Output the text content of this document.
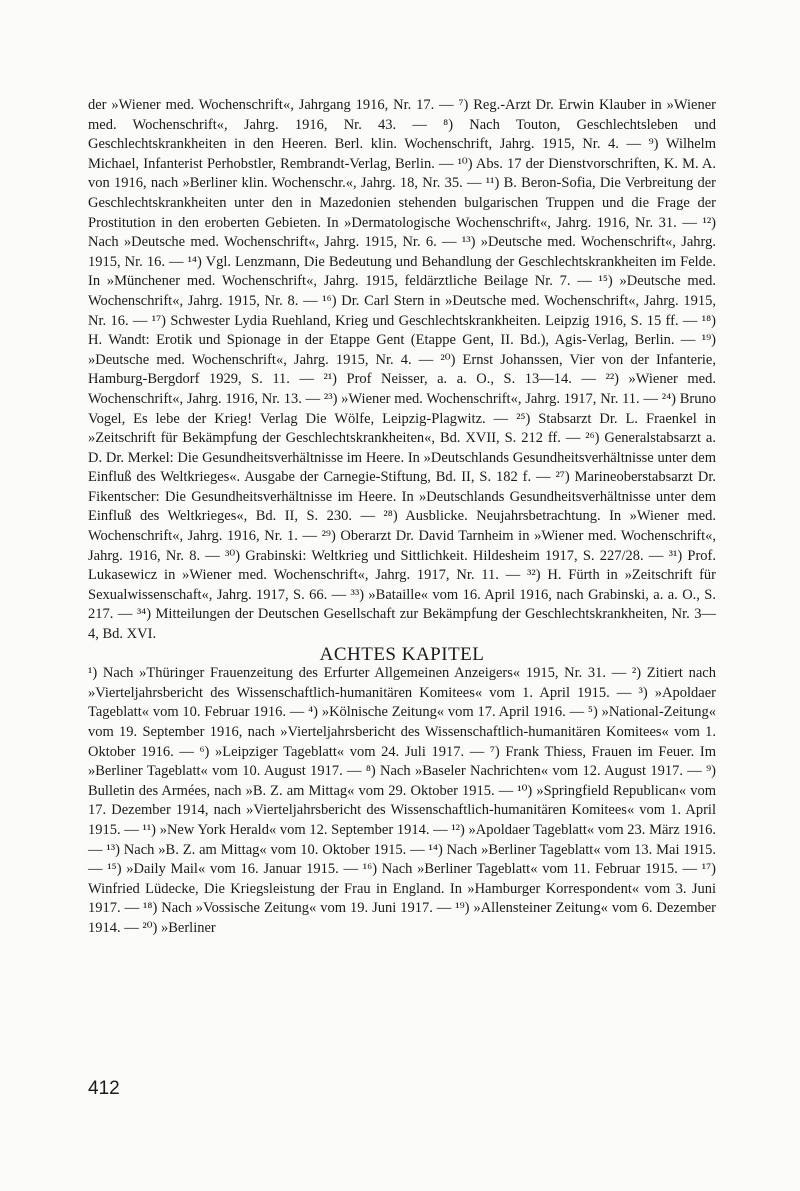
der »Wiener med. Wochenschrift«, Jahrgang 1916, Nr. 17. — ⁷) Reg.-Arzt Dr. Erwin Klauber in »Wiener med. Wochenschrift«, Jahrg. 1916, Nr. 43. — ⁸) Nach Touton, Geschlechtsleben und Geschlechtskrankheiten in den Heeren. Berl. klin. Wochenschrift, Jahrg. 1915, Nr. 4. — ⁹) Wilhelm Michael, Infanterist Perhobstler, Rembrandt-Verlag, Berlin. — ¹⁰) Abs. 17 der Dienstvorschriften, K. M. A. von 1916, nach »Berliner klin. Wochenschr.«, Jahrg. 18, Nr. 35. — ¹¹) B. Beron-Sofia, Die Verbreitung der Geschlechtskrankheiten unter den in Mazedonien stehenden bulgarischen Truppen und die Frage der Prostitution in den eroberten Gebieten. In »Dermatologische Wochenschrift«, Jahrg. 1916, Nr. 31. — ¹²) Nach »Deutsche med. Wochenschrift«, Jahrg. 1915, Nr. 6. — ¹³) »Deutsche med. Wochenschrift«, Jahrg. 1915, Nr. 16. — ¹⁴) Vgl. Lenzmann, Die Bedeutung und Behandlung der Geschlechtskrankheiten im Felde. In »Münchener med. Wochenschrift«, Jahrg. 1915, feldärztliche Beilage Nr. 7. — ¹⁵) »Deutsche med. Wochenschrift«, Jahrg. 1915, Nr. 8. — ¹⁶) Dr. Carl Stern in »Deutsche med. Wochenschrift«, Jahrg. 1915, Nr. 16. — ¹⁷) Schwester Lydia Ruehland, Krieg und Geschlechtskrankheiten. Leipzig 1916, S. 15 ff. — ¹⁸) H. Wandt: Erotik und Spionage in der Etappe Gent (Etappe Gent, II. Bd.), Agis-Verlag, Berlin. — ¹⁹) »Deutsche med. Wochenschrift«, Jahrg. 1915, Nr. 4. — ²⁰) Ernst Johanssen, Vier von der Infanterie, Hamburg-Bergdorf 1929, S. 11. — ²¹) Prof Neisser, a. a. O., S. 13—14. — ²²) »Wiener med. Wochenschrift«, Jahrg. 1916, Nr. 13. — ²³) »Wiener med. Wochenschrift«, Jahrg. 1917, Nr. 11. — ²⁴) Bruno Vogel, Es lebe der Krieg! Verlag Die Wölfe, Leipzig-Plagwitz. — ²⁵) Stabsarzt Dr. L. Fraenkel in »Zeitschrift für Bekämpfung der Geschlechtskrankheiten«, Bd. XVII, S. 212 ff. — ²⁶) Generalstabsarzt a. D. Dr. Merkel: Die Gesundheitsverhältnisse im Heere. In »Deutschlands Gesundheitsverhältnisse unter dem Einfluß des Weltkrieges«. Ausgabe der Carnegie-Stiftung, Bd. II, S. 182 f. — ²⁷) Marineoberstabsarzt Dr. Fikentscher: Die Gesundheitsverhältnisse im Heere. In »Deutschlands Gesundheitsverhältnisse unter dem Einfluß des Weltkrieges«, Bd. II, S. 230. — ²⁸) Ausblicke. Neujahrsbetrachtung. In »Wiener med. Wochenschrift«, Jahrg. 1916, Nr. 1. — ²⁹) Oberarzt Dr. David Tarnheim in »Wiener med. Wochenschrift«, Jahrg. 1916, Nr. 8. — ³⁰) Grabinski: Weltkrieg und Sittlichkeit. Hildesheim 1917, S. 227/28. — ³¹) Prof. Lukasewicz in »Wiener med. Wochenschrift«, Jahrg. 1917, Nr. 11. — ³²) H. Fürth in »Zeitschrift für Sexualwissenschaft«, Jahrg. 1917, S. 66. — ³³) »Bataille« vom 16. April 1916, nach Grabinski, a. a. O., S. 217. — ³⁴) Mitteilungen der Deutschen Gesellschaft zur Bekämpfung der Geschlechtskrankheiten, Nr. 3—4, Bd. XVI.

ACHTES KAPITEL

¹) Nach »Thüringer Frauenzeitung des Erfurter Allgemeinen Anzeigers« 1915, Nr. 31. — ²) Zitiert nach »Vierteljahrsbericht des Wissenschaftlich-humanitären Komitees« vom 1. April 1915. — ³) »Apoldaer Tageblatt« vom 10. Februar 1916. — ⁴) »Kölnische Zeitung« vom 17. April 1916. — ⁵) »National-Zeitung« vom 19. September 1916, nach »Vierteljahrsbericht des Wissenschaftlich-humanitären Komitees« vom 1. Oktober 1916. — ⁶) »Leipziger Tageblatt« vom 24. Juli 1917. — ⁷) Frank Thiess, Frauen im Feuer. Im »Berliner Tageblatt« vom 10. August 1917. — ⁸) Nach »Baseler Nachrichten« vom 12. August 1917. — ⁹) Bulletin des Armées, nach »B. Z. am Mittag« vom 29. Oktober 1915. — ¹⁰) »Springfield Republican« vom 17. Dezember 1914, nach »Vierteljahrsbericht des Wissenschaftlich-humanitären Komitees« vom 1. April 1915. — ¹¹) »New York Herald« vom 12. September 1914. — ¹²) »Apoldaer Tageblatt« vom 23. März 1916. — ¹³) Nach »B. Z. am Mittag« vom 10. Oktober 1915. — ¹⁴) Nach »Berliner Tageblatt« vom 13. Mai 1915. — ¹⁵) »Daily Mail« vom 16. Januar 1915. — ¹⁶) Nach »Berliner Tageblatt« vom 11. Februar 1915. — ¹⁷) Winfried Lüdecke, Die Kriegsleistung der Frau in England. In »Hamburger Korrespondent« vom 3. Juni 1917. — ¹⁸) Nach »Vossische Zeitung« vom 19. Juni 1917. — ¹⁹) »Allensteiner Zeitung« vom 6. Dezember 1914. — ²⁰) »Berliner

412
